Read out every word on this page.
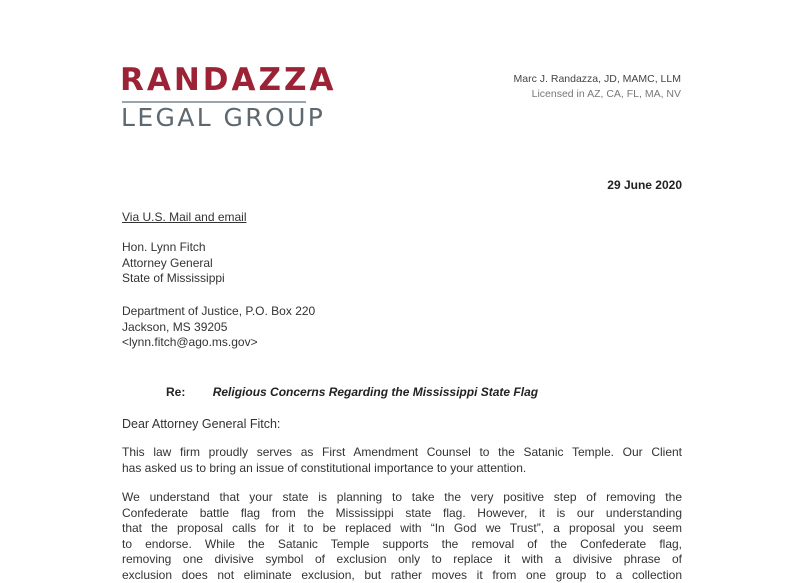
RANDAZZA
LEGAL GROUP
Marc J. Randazza, JD, MAMC, LLM
Licensed in AZ, CA, FL, MA, NV
29 June 2020
Via U.S. Mail and email
Hon. Lynn Fitch
Attorney General
State of Mississippi
Department of Justice, P.O. Box 220
Jackson, MS 39205
<lynn.fitch@ago.ms.gov>
Re: Religious Concerns Regarding the Mississippi State Flag
Dear Attorney General Fitch:
This law firm proudly serves as First Amendment Counsel to the Satanic Temple. Our Client
has asked us to bring an issue of constitutional importance to your attention.
We understand that your state is planning to take the very positive step of removing the
Confederate battle flag from the Mississippi state flag. However, it is our understanding
that the proposal calls for it to be replaced with “In God we Trust”, a proposal you seem
to endorse. While the Satanic Temple supports the removal of the Confederate flag,
removing one divisive symbol of exclusion only to replace it with a divisive phrase of
exclusion does not eliminate exclusion, but rather moves it from one group to a collection
